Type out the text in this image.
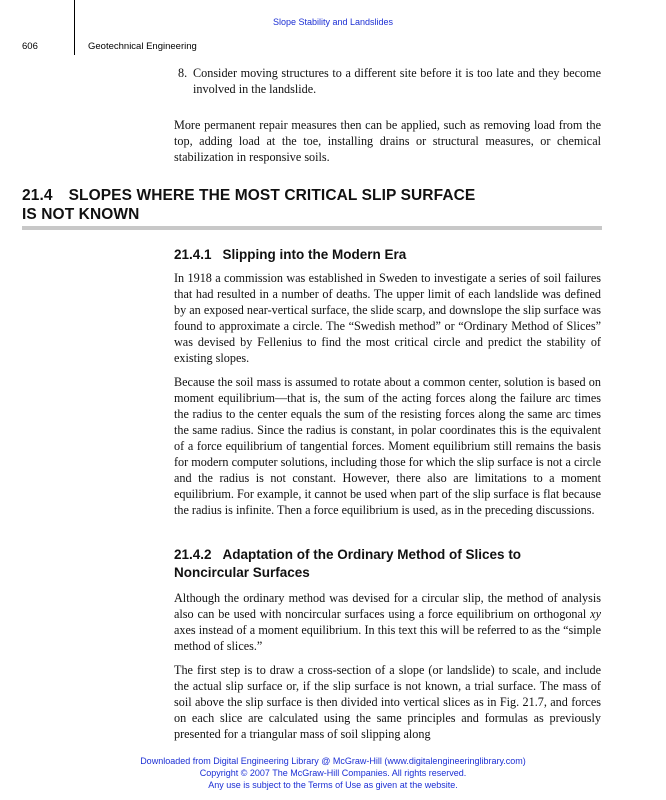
Slope Stability and Landslides
606	Geotechnical Engineering
8. Consider moving structures to a different site before it is too late and they become involved in the landslide.

More permanent repair measures then can be applied, such as removing load from the top, adding load at the toe, installing drains or structural measures, or chemical stabilization in responsive soils.

21.4 SLOPES WHERE THE MOST CRITICAL SLIP SURFACE
IS NOT KNOWN
21.4.1 Slipping into the Modern Era

In 1918 a commission was established in Sweden to investigate a series of soil failures that had resulted in a number of deaths. The upper limit of each landslide was defined by an exposed near-vertical surface, the slide scarp, and downslope the slip surface was found to approximate a circle. The “Swedish method” or “Ordinary Method of Slices” was devised by Fellenius to find the most critical circle and predict the stability of existing slopes.

Because the soil mass is assumed to rotate about a common center, solution is based on moment equilibrium—that is, the sum of the acting forces along the failure arc times the radius to the center equals the sum of the resisting forces along the same arc times the same radius. Since the radius is constant, in polar coordinates this is the equivalent of a force equilibrium of tangential forces. Moment equilibrium still remains the basis for modern computer solutions, including those for which the slip surface is not a circle and the radius is not constant. However, there also are limitations to a moment equilibrium. For example, it cannot be used when part of the slip surface is flat because the radius is infinite. Then a force equilibrium is used, as in the preceding discussions.

21.4.2 Adaptation of the Ordinary Method of Slices to
Noncircular Surfaces

Although the ordinary method was devised for a circular slip, the method of analysis also can be used with noncircular surfaces using a force equilibrium on orthogonal xy axes instead of a moment equilibrium. In this text this will be referred to as the “simple method of slices.”

The first step is to draw a cross-section of a slope (or landslide) to scale, and include the actual slip surface or, if the slip surface is not known, a trial surface. The mass of soil above the slip surface is then divided into vertical slices as in Fig. 21.7, and forces on each slice are calculated using the same principles and formulas as previously presented for a triangular mass of soil slipping along

Downloaded from Digital Engineering Library @ McGraw-Hill (www.digitalengineeringlibrary.com)
Copyright © 2007 The McGraw-Hill Companies. All rights reserved.
Any use is subject to the Terms of Use as given at the website.
